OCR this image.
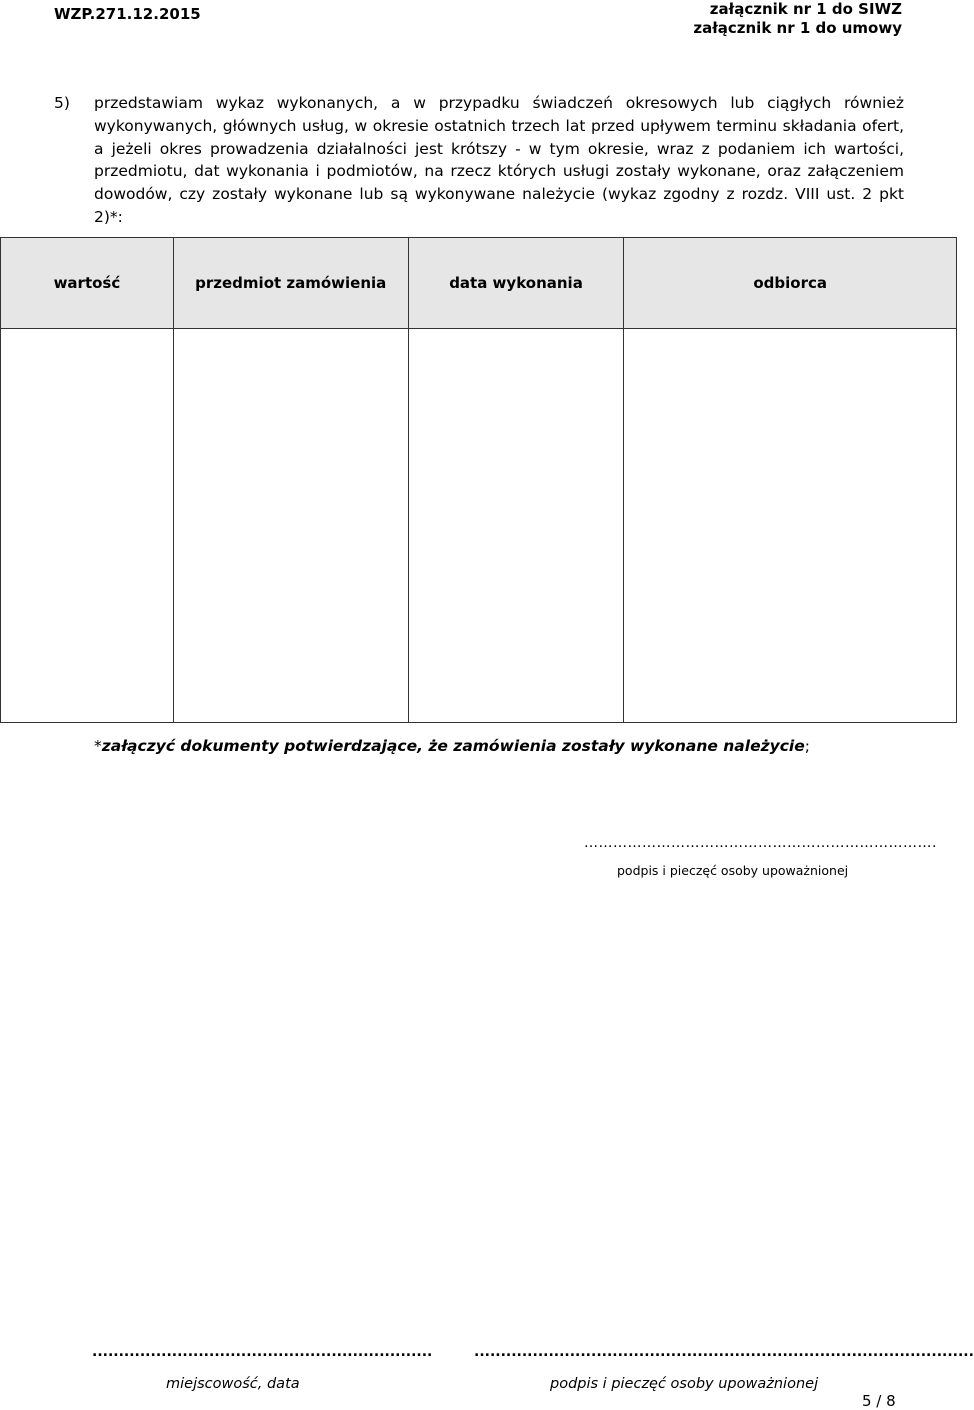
WZP.271.12.2015	załącznik nr 1 do SIWZ
załącznik nr 1 do umowy
5) przedstawiam wykaz wykonanych, a w przypadku świadczeń okresowych lub ciągłych również wykonywanych, głównych usług, w okresie ostatnich trzech lat przed upływem terminu składania ofert, a jeżeli okres prowadzenia działalności jest krótszy - w tym okresie, wraz z podaniem ich wartości, przedmiotu, dat wykonania i podmiotów, na rzecz których usługi zostały wykonane, oraz załączeniem dowodów, czy zostały wykonane lub są wykonywane należycie (wykaz zgodny z rozdz. VIII ust. 2 pkt 2)*:
wartość	przedmiot zamówienia	data wykonania	odbiorca

*załączyć dokumenty potwierdzające, że zamówienia zostały wykonane należycie;
……………………………………………………………….
podpis i pieczęć osoby upoważnionej
................................................................	..............................................................................................
miejscowość, data	podpis i pieczęć osoby upoważnionej
5 / 8
